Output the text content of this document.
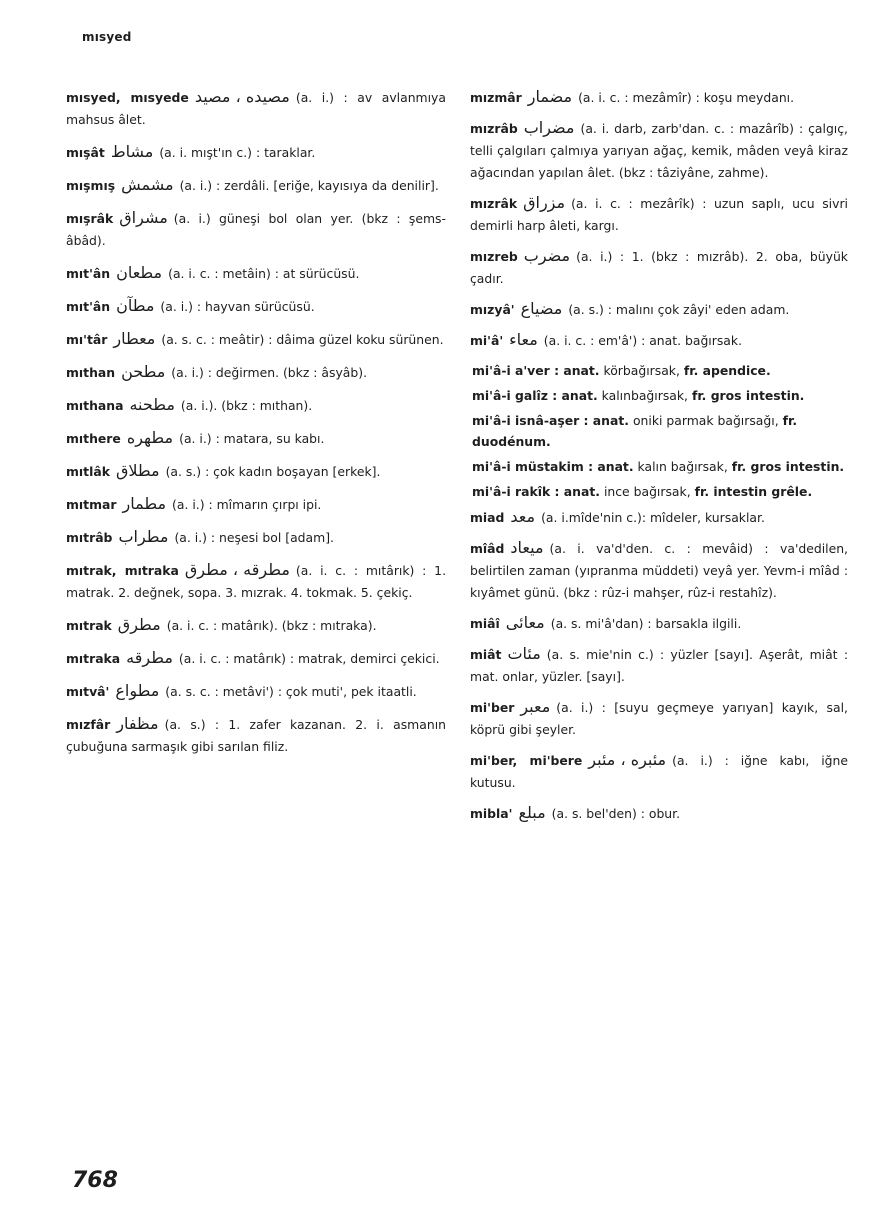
mısyed
mısyed, mısyede مصيده ، مصيد (a. i.) : av avlanmıya mahsus âlet.
mışât مشاط (a. i. mışt'ın c.) : taraklar.
mışmış مشمش (a. i.) : zerdâli. [eriğe, kayısıya da denilir].
mışrâk مشراق (a. i.) güneşi bol olan yer. (bkz : şems-âbâd).
mıt'ân مطعان (a. i. c. : metâin) : at sürücüsü.
mıt'ân مطآن (a. i.) : hayvan sürücüsü.
mı'târ معطار (a. s. c. : meâtir) : dâima güzel koku sürünen.
mıthan مطحن (a. i.) : değirmen. (bkz : âsyâb).
mıthana مطحنه (a. i.). (bkz : mıthan).
mıthere مطهره (a. i.) : matara, su kabı.
mıtlâk مطلاق (a. s.) : çok kadın boşayan [erkek].
mıtmar مطمار (a. i.) : mîmarın çırpı ipi.
mıtrâb مطراب (a. i.) : neşesi bol [adam].
mıtrak, mıtraka مطرقه ، مطرق (a. i. c. : mıtârık) : 1. matrak. 2. değnek, sopa. 3. mızrak. 4. tokmak. 5. çekiç.
mıtrak مطرق (a. i. c. : matârık). (bkz : mıtraka).
mıtraka مطرقه (a. i. c. : matârık) : matrak, demirci çekici.
mıtvâ' مطواع (a. s. c. : metâvi') : çok muti', pek itaatli.
mızfâr مظفار (a. s.) : 1. zafer kazanan. 2. i. asmanın çubuğuna sarmaşık gibi sarılan filiz.
mızmâr مضمار (a. i. c. : mezâmîr) : koşu meydanı.
mızrâb مضراب (a. i. darb, zarb'dan. c. : mazârîb) : çalgıç, telli çalgıları çalmıya yarıyan ağaç, kemik, mâden veyâ kiraz ağacından yapılan âlet. (bkz : tâziyâne, zahme).
mızrâk مزراق (a. i. c. : mezârîk) : uzun saplı, ucu sivri demirli harp âleti, kargı.
mızreb مضرب (a. i.) : 1. (bkz : mızrâb). 2. oba, büyük çadır.
mızyâ' مضياع (a. s.) : malını çok zâyi' eden adam.
mi'â' معاء (a. i. c. : em'â') : anat. bağırsak.
mi'â-i a'ver : anat. körbağırsak, fr. apendice.
mi'â-i galîz : anat. kalınbağırsak, fr. gros intestin.
mi'â-i isnâ-aşer : anat. oniki parmak bağırsağı, fr. duodénum.
mi'â-i müstakim : anat. kalın bağırsak, fr. gros intestin.
mi'â-i rakîk : anat. ince bağırsak, fr. intestin grêle.
miad معد (a. i.mîde'nin c.): mîdeler, kursaklar.
mîâd ميعاد (a. i. va'd'den. c. : mevâid) : va'dedilen, belirtilen zaman (yıpranma müddeti) veyâ yer. Yevm-i mîâd : kıyâmet günü. (bkz : rûz-i mahşer, rûz-i restahîz).
miâî معائى (a. s. mi'â'dan) : barsakla ilgili.
miât مئات (a. s. mie'nin c.) : yüzler [sayı]. Aşerât, miât : mat. onlar, yüzler. [sayı].
mi'ber معبر (a. i.) : [suyu geçmeye yarıyan] kayık, sal, köprü gibi şeyler.
mi'ber, mi'bere مئبره ، مئبر (a. i.) : iğne kabı, iğne kutusu.
mibla' مبلع (a. s. bel'den) : obur.
768
